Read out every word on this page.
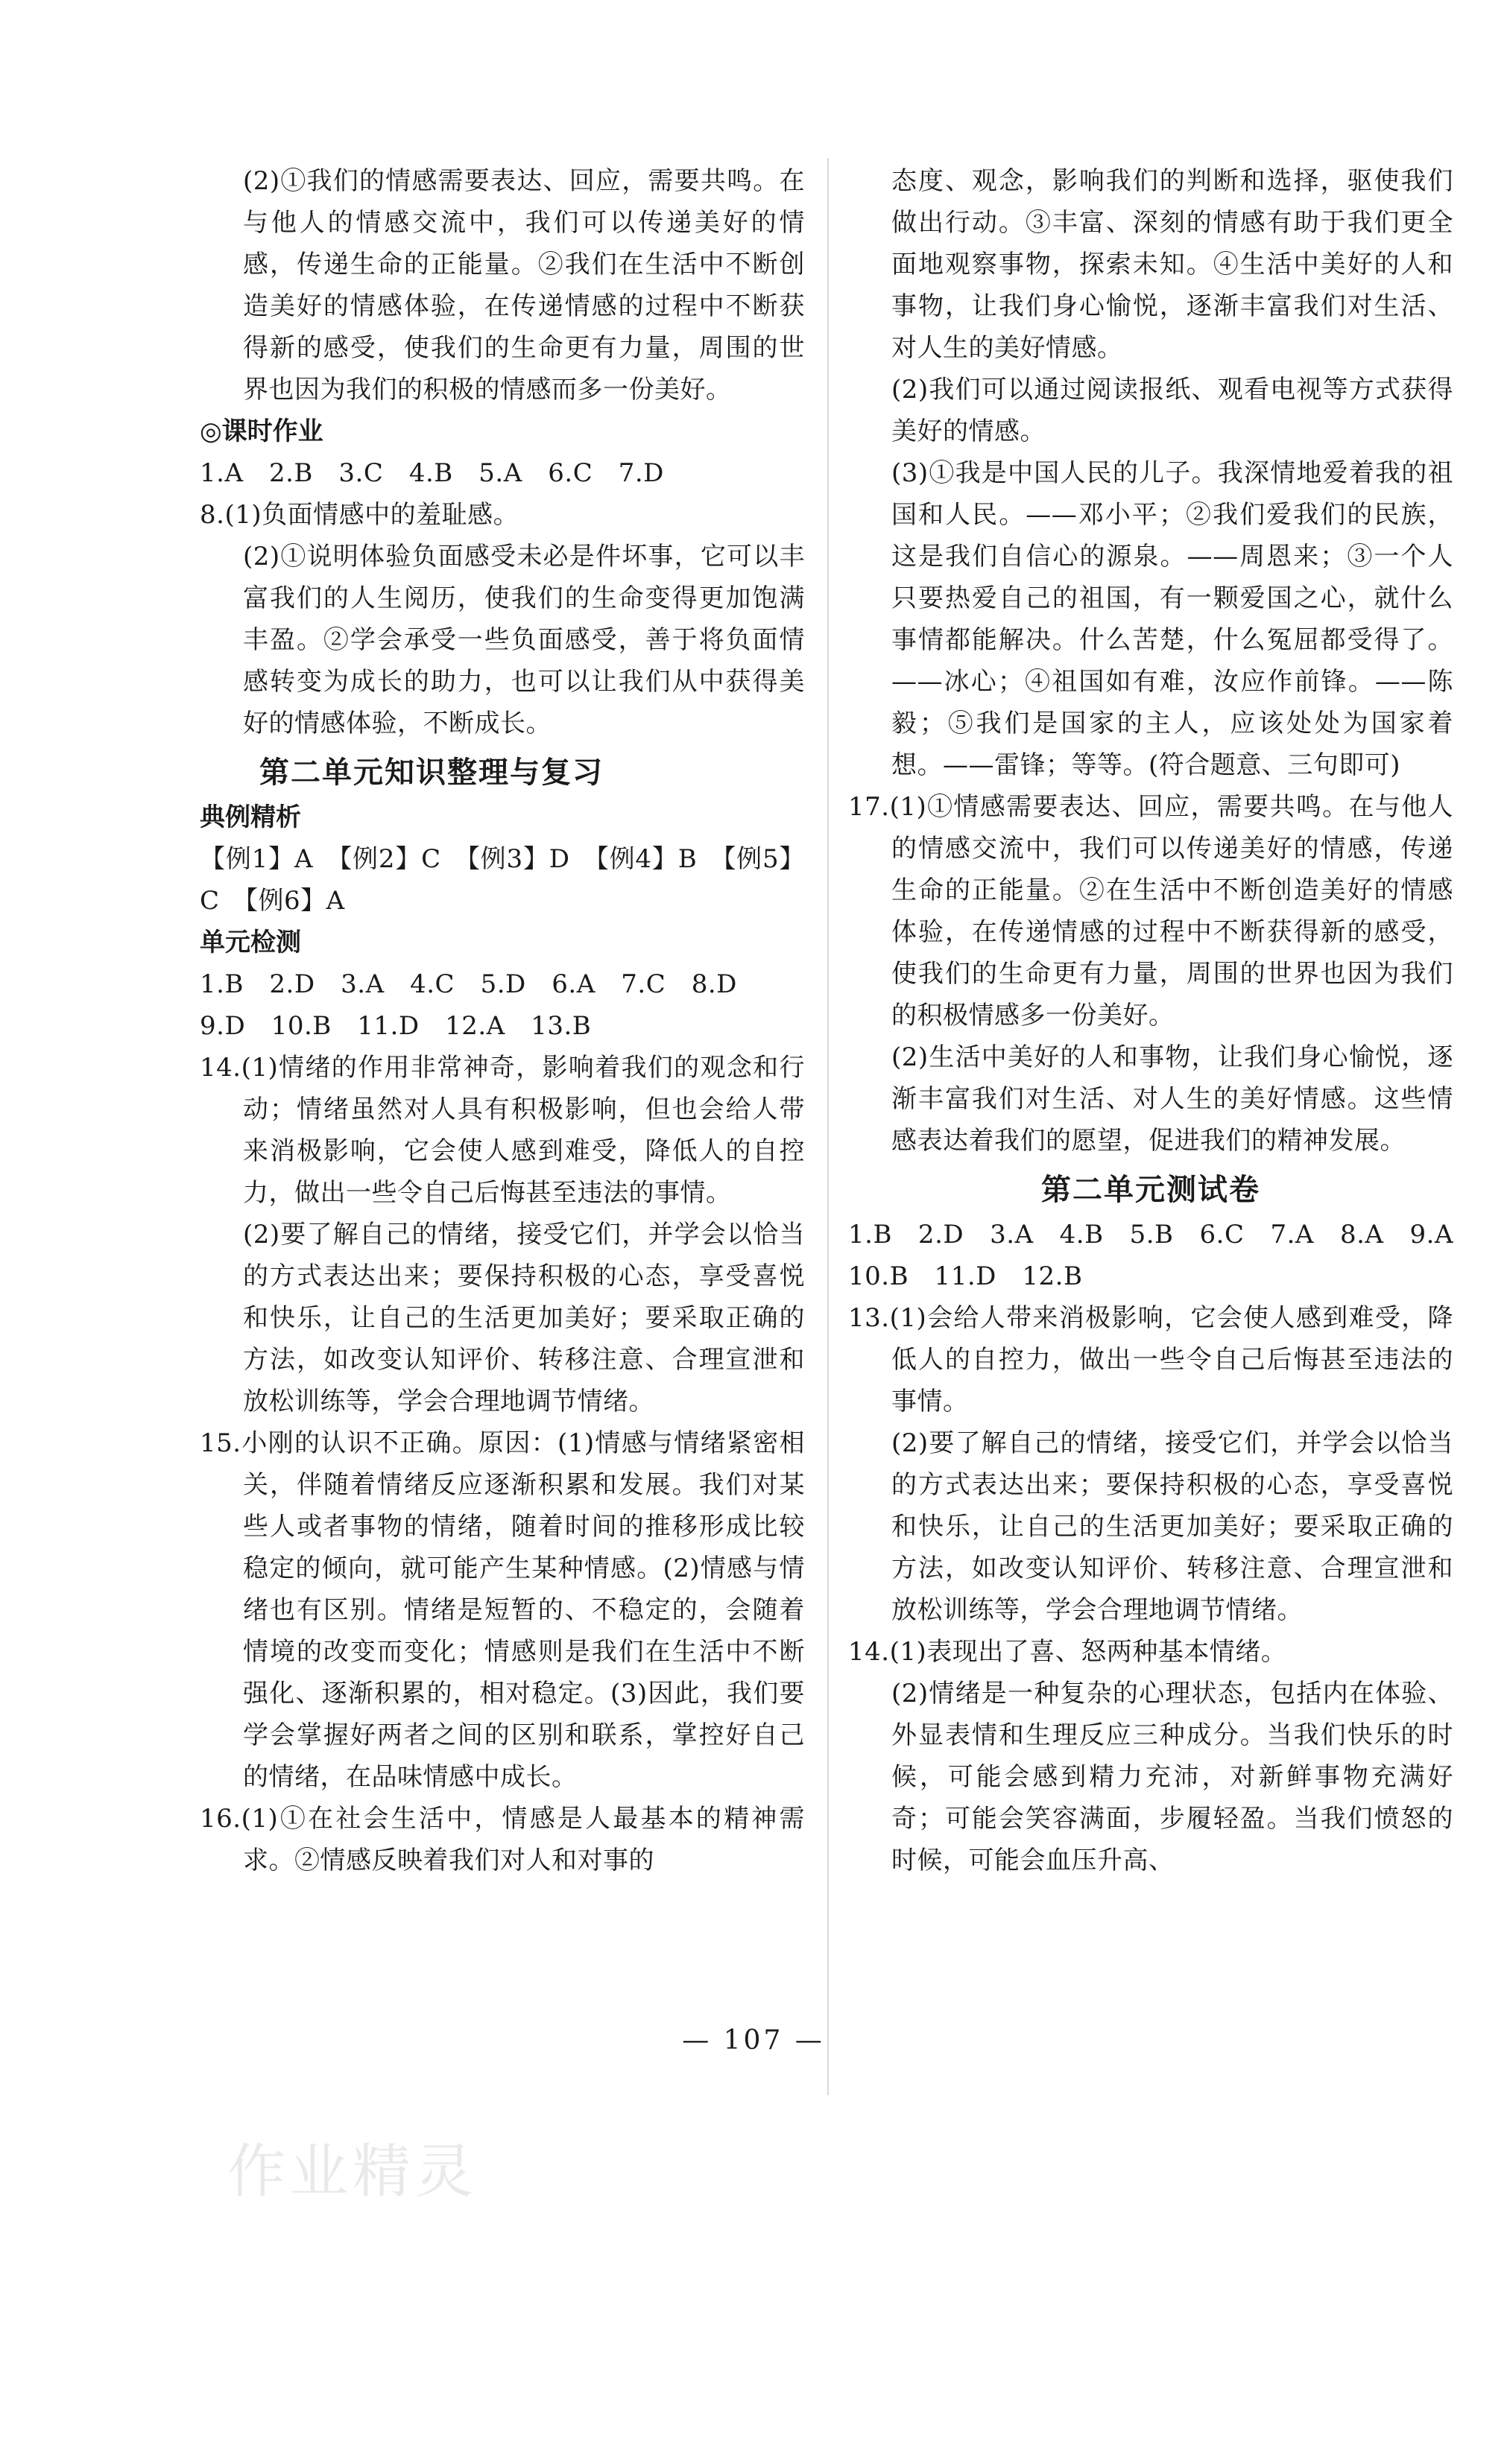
(2)①我们的情感需要表达、回应，需要共鸣。在与他人的情感交流中，我们可以传递美好的情感，传递生命的正能量。②我们在生活中不断创造美好的情感体验，在传递情感的过程中不断获得新的感受，使我们的生命更有力量，周围的世界也因为我们的积极的情感而多一份美好。

◎课时作业

1.A　2.B　3.C　4.B　5.A　6.C　7.D

8.(1)负面情感中的羞耻感。

(2)①说明体验负面感受未必是件坏事，它可以丰富我们的人生阅历，使我们的生命变得更加饱满丰盈。②学会承受一些负面感受，善于将负面情感转变为成长的助力，也可以让我们从中获得美好的情感体验，不断成长。

第二单元知识整理与复习

典例精析

【例1】A　【例2】C　【例3】D　【例4】B　【例5】C　【例6】A

单元检测

1.B　2.D　3.A　4.C　5.D　6.A　7.C　8.D

9.D　10.B　11.D　12.A　13.B

14.(1)情绪的作用非常神奇，影响着我们的观念和行动；情绪虽然对人具有积极影响，但也会给人带来消极影响，它会使人感到难受，降低人的自控力，做出一些令自己后悔甚至违法的事情。

(2)要了解自己的情绪，接受它们，并学会以恰当的方式表达出来；要保持积极的心态，享受喜悦和快乐，让自己的生活更加美好；要采取正确的方法，如改变认知评价、转移注意、合理宣泄和放松训练等，学会合理地调节情绪。

15.小刚的认识不正确。原因：(1)情感与情绪紧密相关，伴随着情绪反应逐渐积累和发展。我们对某些人或者事物的情绪，随着时间的推移形成比较稳定的倾向，就可能产生某种情感。(2)情感与情绪也有区别。情绪是短暂的、不稳定的，会随着情境的改变而变化；情感则是我们在生活中不断强化、逐渐积累的，相对稳定。(3)因此，我们要学会掌握好两者之间的区别和联系，掌控好自己的情绪，在品味情感中成长。

16.(1)①在社会生活中，情感是人最基本的精神需求。②情感反映着我们对人和对事的

态度、观念，影响我们的判断和选择，驱使我们做出行动。③丰富、深刻的情感有助于我们更全面地观察事物，探索未知。④生活中美好的人和事物，让我们身心愉悦，逐渐丰富我们对生活、对人生的美好情感。

(2)我们可以通过阅读报纸、观看电视等方式获得美好的情感。

(3)①我是中国人民的儿子。我深情地爱着我的祖国和人民。——邓小平；②我们爱我们的民族，这是我们自信心的源泉。——周恩来；③一个人只要热爱自己的祖国，有一颗爱国之心，就什么事情都能解决。什么苦楚，什么冤屈都受得了。——冰心；④祖国如有难，汝应作前锋。——陈毅；⑤我们是国家的主人，应该处处为国家着想。——雷锋；等等。(符合题意、三句即可)

17.(1)①情感需要表达、回应，需要共鸣。在与他人的情感交流中，我们可以传递美好的情感，传递生命的正能量。②在生活中不断创造美好的情感体验，在传递情感的过程中不断获得新的感受，使我们的生命更有力量，周围的世界也因为我们的积极情感多一份美好。

(2)生活中美好的人和事物，让我们身心愉悦，逐渐丰富我们对生活、对人生的美好情感。这些情感表达着我们的愿望，促进我们的精神发展。

第二单元测试卷

1.B　2.D　3.A　4.B　5.B　6.C　7.A　8.A　9.A　10.B　11.D　12.B

13.(1)会给人带来消极影响，它会使人感到难受，降低人的自控力，做出一些令自己后悔甚至违法的事情。

(2)要了解自己的情绪，接受它们，并学会以恰当的方式表达出来；要保持积极的心态，享受喜悦和快乐，让自己的生活更加美好；要采取正确的方法，如改变认知评价、转移注意、合理宣泄和放松训练等，学会合理地调节情绪。

14.(1)表现出了喜、怒两种基本情绪。

(2)情绪是一种复杂的心理状态，包括内在体验、外显表情和生理反应三种成分。当我们快乐的时候，可能会感到精力充沛，对新鲜事物充满好奇；可能会笑容满面，步履轻盈。当我们愤怒的时候，可能会血压升高、

— 107 —
作业精灵
